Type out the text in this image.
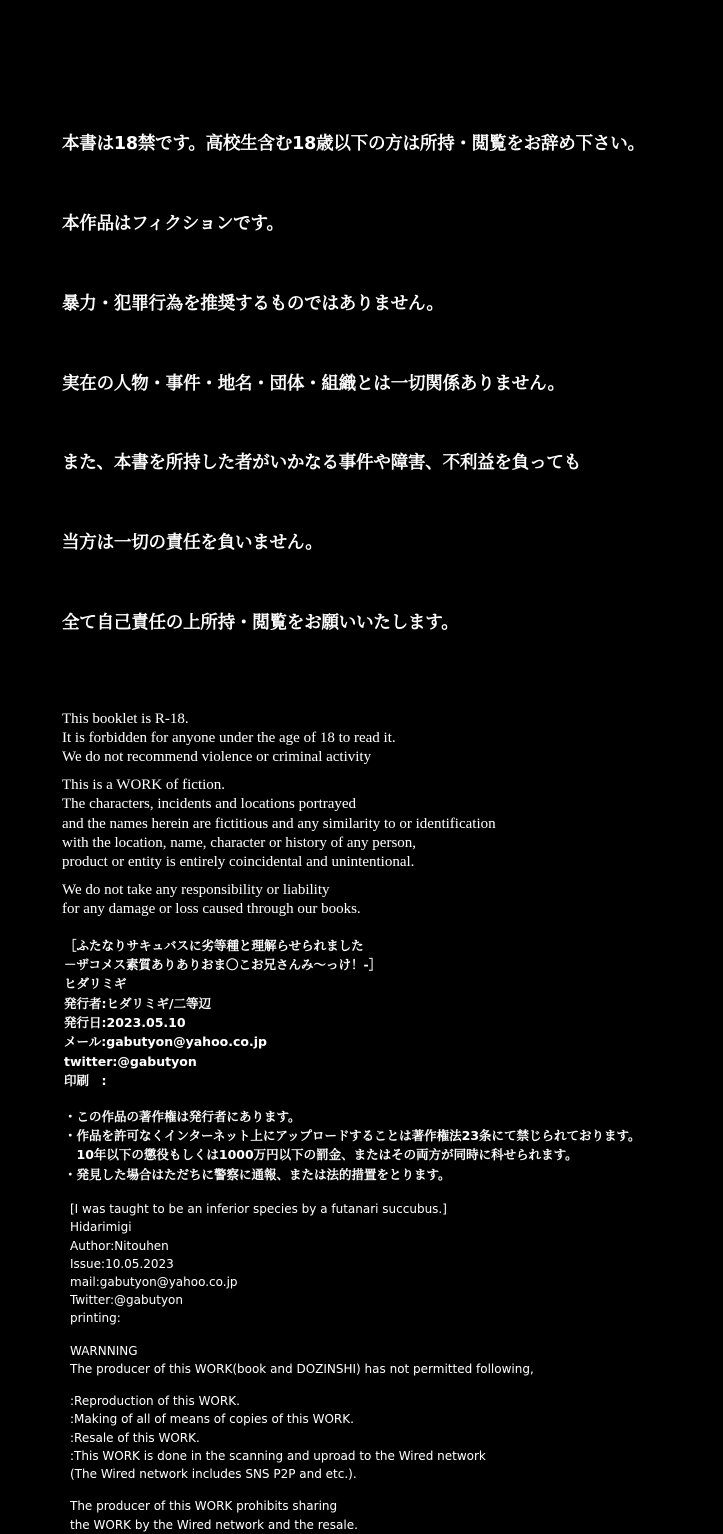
本書は18禁です。高校生含む18歳以下の方は所持・閲覧をお辞め下さい。

本作品はフィクションです。

暴力・犯罪行為を推奨するものではありません。

実在の人物・事件・地名・団体・組織とは一切関係ありません。

また、本書を所持した者がいかなる事件や障害、不利益を負っても

当方は一切の責任を負いません。

全て自己責任の上所持・閲覧をお願いいたします。

This booklet is R-18.
It is forbidden for anyone under the age of 18 to read it.
We do not recommend violence or criminal activity
This is a WORK of fiction.
The characters, incidents and locations portrayed
and the names herein are fictitious and any similarity to or identification
with the location, name, character or history of any person,
product or entity is entirely coincidental and unintentional.
We do not take any responsibility or liability
for any damage or loss caused through our books.
［ふたなりサキュバスに劣等種と理解らせられました
－ザコメス素質ありありおま〇こお兄さんみ～っけ！-］
ヒダリミギ
発行者:ヒダリミギ/二等辺
発行日:2023.05.10
メール:gabutyon@yahoo.co.jp
twitter:@gabutyon
印刷　:
・この作品の著作権は発行者にあります。
・作品を許可なくインターネット上にアップロードすることは著作権法23条にて禁じられております。
　10年以下の懲役もしくは1000万円以下の罰金、またはその両方が同時に科せられます。
・発見した場合はただちに警察に通報、または法的措置をとります。
[I was taught to be an inferior species by a futanari succubus.]
Hidarimigi
Author:Nitouhen
Issue:10.05.2023
mail:gabutyon@yahoo.co.jp
Twitter:@gabutyon
printing:
WARNNING
The producer of this WORK(book and DOZINSHI) has not permitted following,
:Reproduction of this WORK.
:Making of all of means of copies of this WORK.
:Resale of this WORK.
:This WORK is done in the scanning and uproad to the Wired network
(The Wired network includes SNS P2P and etc.).
The producer of this WORK prohibits sharing
the WORK by the Wired network and the resale.
